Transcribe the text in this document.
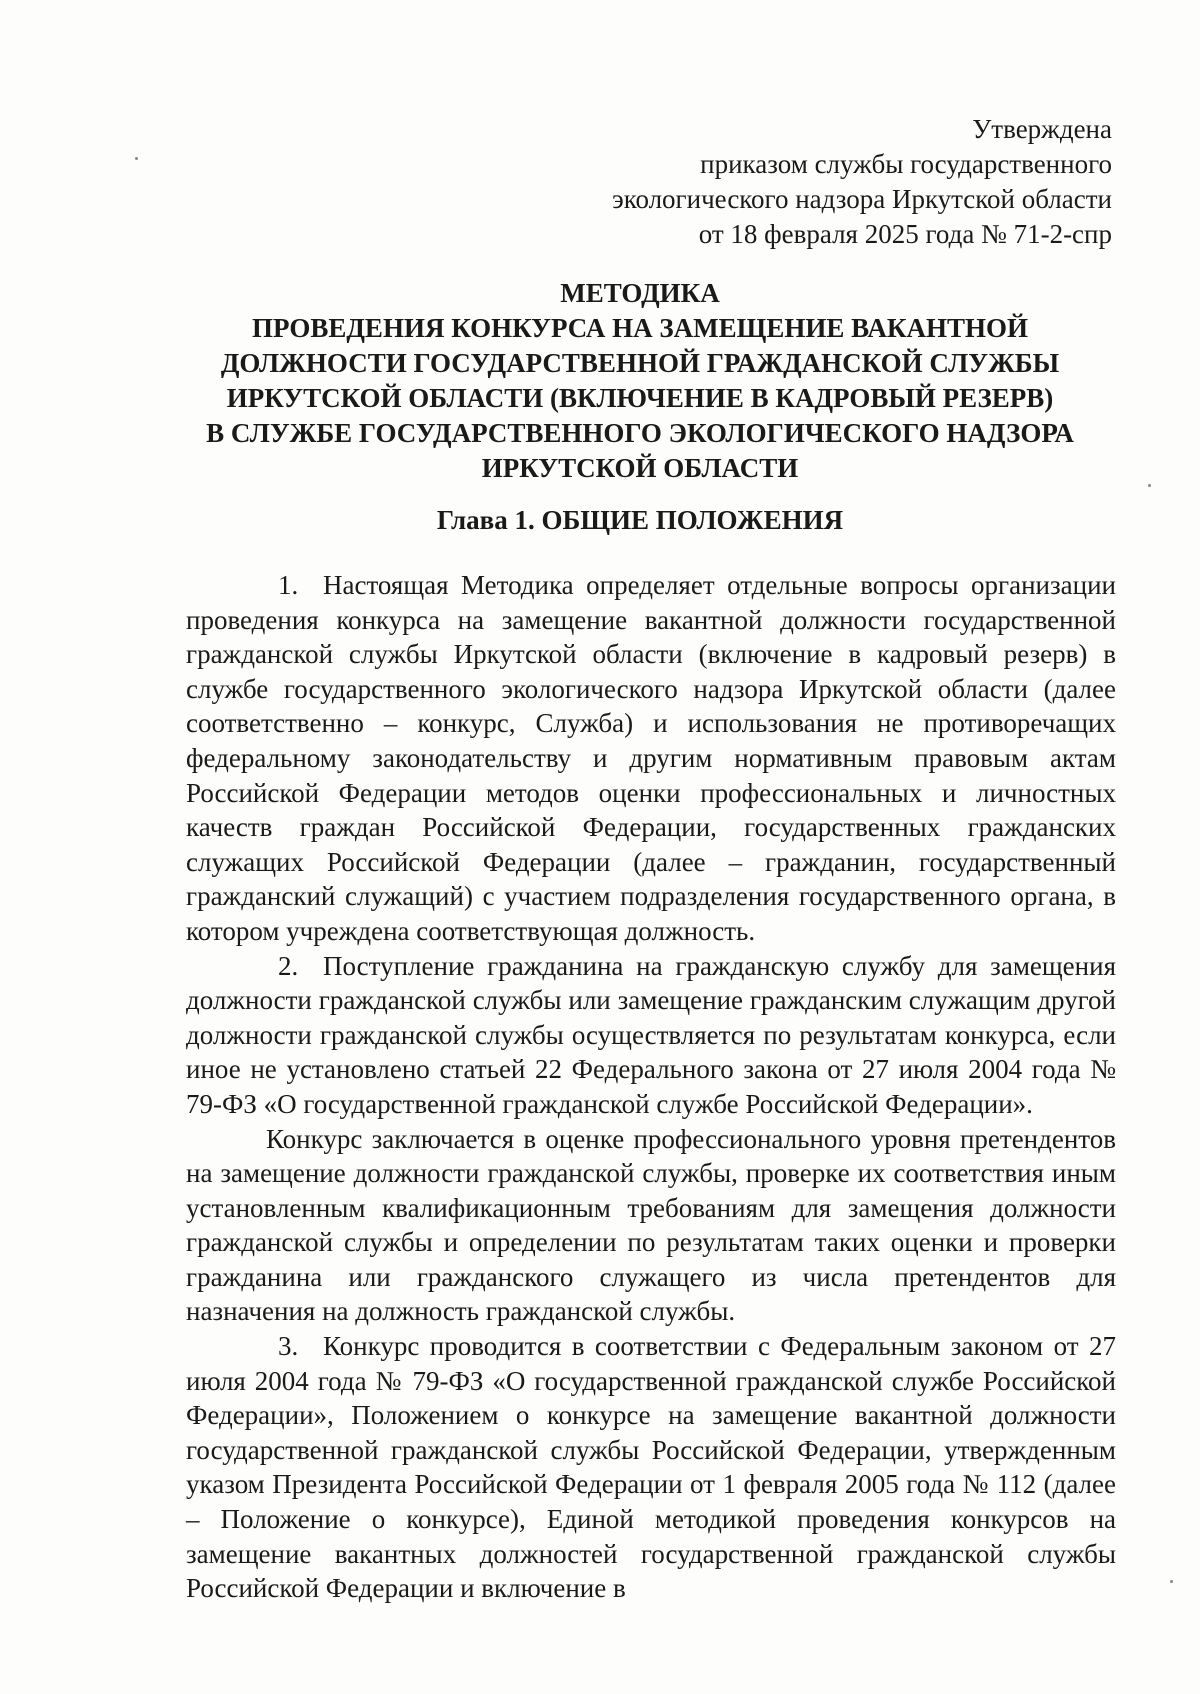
Утверждена
приказом службы государственного
экологического надзора Иркутской области
от 18 февраля 2025 года № 71-2-спр
МЕТОДИКА
ПРОВЕДЕНИЯ КОНКУРСА НА ЗАМЕЩЕНИЕ ВАКАНТНОЙ
ДОЛЖНОСТИ ГОСУДАРСТВЕННОЙ ГРАЖДАНСКОЙ СЛУЖБЫ
ИРКУТСКОЙ ОБЛАСТИ (ВКЛЮЧЕНИЕ В КАДРОВЫЙ РЕЗЕРВ)
В СЛУЖБЕ ГОСУДАРСТВЕННОГО ЭКОЛОГИЧЕСКОГО НАДЗОРА
ИРКУТСКОЙ ОБЛАСТИ
Глава 1. ОБЩИЕ ПОЛОЖЕНИЯ

1. Настоящая Методика определяет отдельные вопросы организации проведения конкурса на замещение вакантной должности государственной гражданской службы Иркутской области (включение в кадровый резерв) в службе государственного экологического надзора Иркутской области (далее соответственно – конкурс, Служба) и использования не противоречащих федеральному законодательству и другим нормативным правовым актам Российской Федерации методов оценки профессиональных и личностных качеств граждан Российской Федерации, государственных гражданских служащих Российской Федерации (далее – гражданин, государственный гражданский служащий) с участием подразделения государственного органа, в котором учреждена соответствующая должность.

2. Поступление гражданина на гражданскую службу для замещения должности гражданской службы или замещение гражданским служащим другой должности гражданской службы осуществляется по результатам конкурса, если иное не установлено статьей 22 Федерального закона от 27 июля 2004 года № 79-ФЗ «О государственной гражданской службе Российской Федерации».

Конкурс заключается в оценке профессионального уровня претендентов на замещение должности гражданской службы, проверке их соответствия иным установленным квалификационным требованиям для замещения должности гражданской службы и определении по результатам таких оценки и проверки гражданина или гражданского служащего из числа претендентов для назначения на должность гражданской службы.

3. Конкурс проводится в соответствии с Федеральным законом от 27 июля 2004 года № 79-ФЗ «О государственной гражданской службе Российской Федерации», Положением о конкурсе на замещение вакантной должности государственной гражданской службы Российской Федерации, утвержденным указом Президента Российской Федерации от 1 февраля 2005 года № 112 (далее – Положение о конкурсе), Единой методикой проведения конкурсов на замещение вакантных должностей государственной гражданской службы Российской Федерации и включение в
